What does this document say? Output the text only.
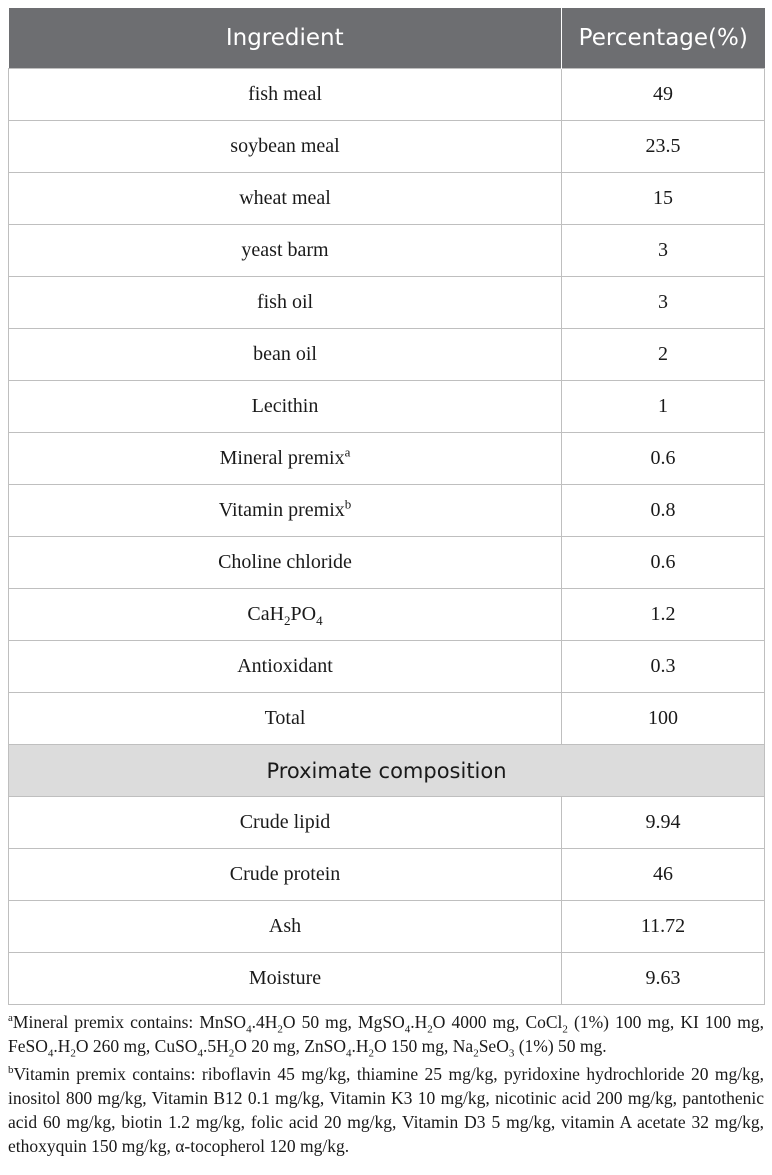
Ingredient	Percentage(%)
fish meal	49
soybean meal	23.5
wheat meal	15
yeast barm	3
fish oil	3
bean oil	2
Lecithin	1
Mineral premix$^a$	0.6
Vitamin premix$^b$	0.8
Choline chloride	0.6
$CaH_2PO_4$	1.2
Antioxidant	0.3
Total	100
Proximate composition	
Crude lipid	9.94
Crude protein	46
Ash	11.72
Moisture	9.63

$^a$Mineral premix contains: $MnSO_4.4H_2O$ 50 mg, $MgSO_4.H_2O$ 4000 mg, CoCl$_2$ (1%) 100 mg, KI 100 mg, $FeSO_4.H_2O$ 260 mg, $CuSO_4.5H_2O$ 20 mg, $ZnSO_4.H_2O$ 150 mg, $Na_2SeO_3$ (1%) 50 mg.

$^b$Vitamin premix contains: riboflavin 45 mg/kg, thiamine 25 mg/kg, pyridoxine hydrochloride 20 mg/kg, inositol 800 mg/kg, Vitamin B12 0.1 mg/kg, Vitamin K3 10 mg/kg, nicotinic acid 200 mg/kg, pantothenic acid 60 mg/kg, biotin 1.2 mg/kg, folic acid 20 mg/kg, Vitamin D3 5 mg/kg, vitamin A acetate 32 mg/kg, ethoxyquin 150 mg/kg, α-tocopherol 120 mg/kg.
